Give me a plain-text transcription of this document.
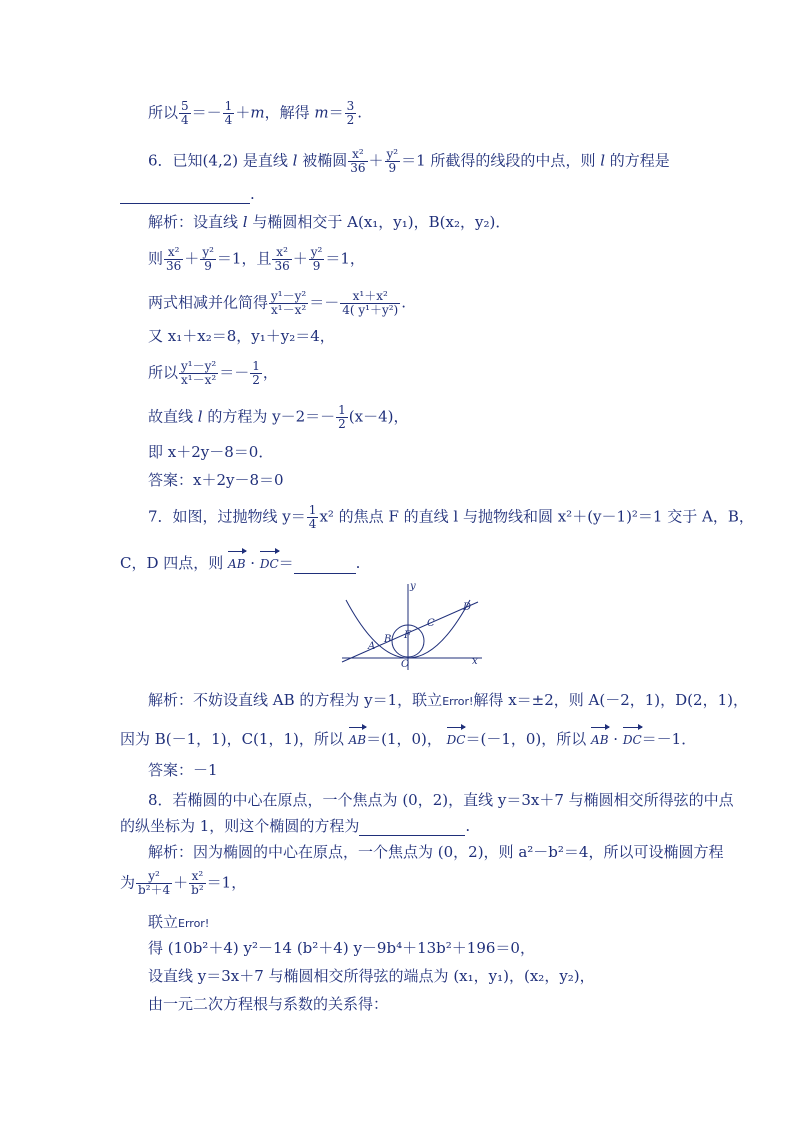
所以 $\frac{5}{4} =- \frac{1}{4} +m$，解得 $m= \frac{3}{2}$ .
6．已知(4,2) 是直线 l 被椭圆 $\frac{\text{x²}}{36} + \frac{\text{y²}}{9} =1$ 所截得的线段的中点，则 l 的方程是
.
解析：设直线 l 与椭圆相交于 A(x₁，y₁)，B(x₂，y₂)．
则 $\frac{\text{x²}}{36} + \frac{\text{y²}}{9} =1$，且 $\frac{\text{x²}}{36} + \frac{\text{y²}}{9} =1$，
两式相减并化简得 $\frac{\text{y¹－y²}}{\text{x¹－x²}} =- \frac{\text{x¹＋x²}}{\text{4( y¹＋y²)}}$ .
又 x₁＋x₂＝8，y₁＋y₂＝4，
所以 $\frac{\text{y¹－y²}}{\text{x¹－x²}} =- \frac{1}{2}$ ，
故直线 l 的方程为 $y-2=- \frac{1}{2} (x-4)$，
即 x＋2y－8＝0．
答案：x＋2y－8＝0
7．如图，过抛物线 $y= \frac{1}{4} x^2$ 的焦点 F 的直线 l 与抛物线和圆 x²＋(y－1)²＝1 交于 A，B，
C，D 四点，则 AB · DC＝	.
y
x
O
A
B
C
D
F
解析：不妨设直线 AB 的方程为 y＝1，联立Error!解得 x＝±2，则 A(－2，1)，D(2，1)，
因为 B(－1，1)，C(1，1)，所以 AB＝(1，0)， DC＝(－1，0)，所以 AB · DC＝－1．
答案：－1
8．若椭圆的中心在原点，一个焦点为 (0，2)，直线 y＝3x＋7 与椭圆相交所得弦的中点
的纵坐标为 1，则这个椭圆的方程为	.
解析：因为椭圆的中心在原点，一个焦点为 (0，2)，则 a²－b²＝4，所以可设椭圆方程
为 $\frac{\text{y²}}{\text{b²＋4}} + \frac{\text{x²}}{\text{b²}} =1$，
联立Error!
得 (10b²＋4) y²－14 (b²＋4) y－9b⁴＋13b²＋196＝0，
设直线 y＝3x＋7 与椭圆相交所得弦的端点为 (x₁，y₁)，(x₂，y₂)，
由一元二次方程根与系数的关系得：
